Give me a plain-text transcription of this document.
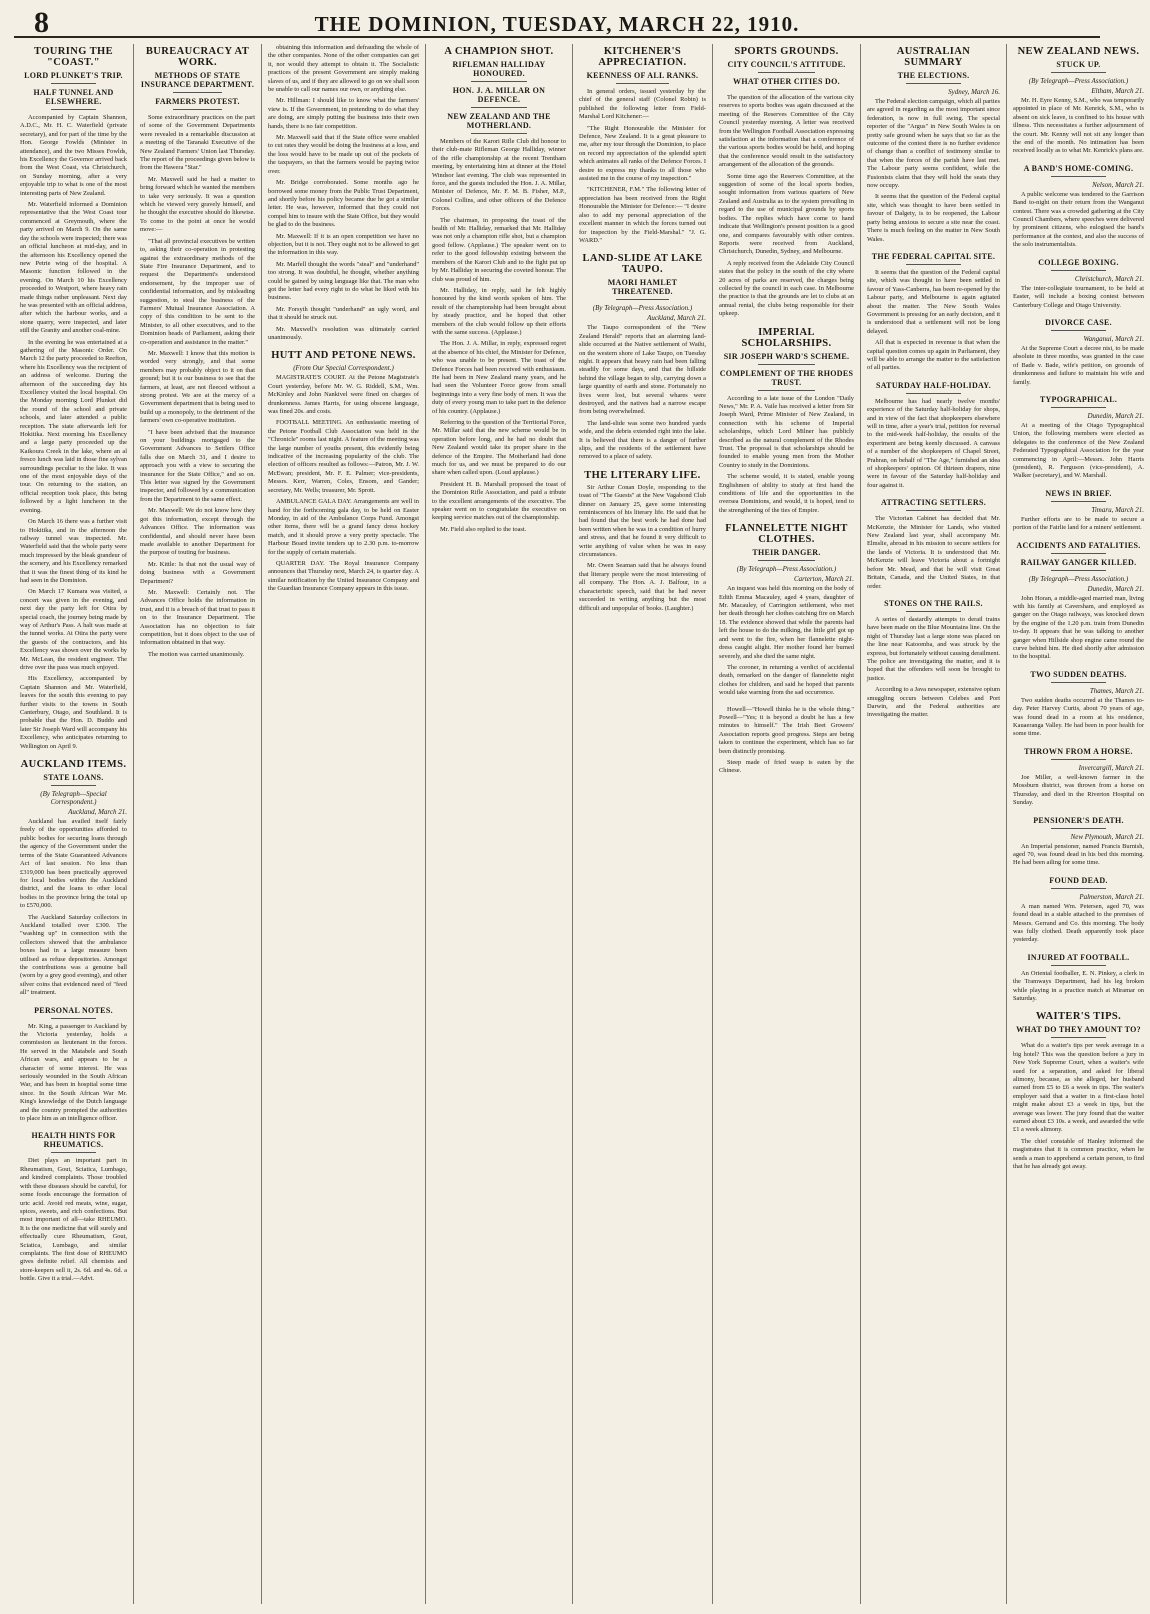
8	THE DOMINION, TUESDAY, MARCH 22, 1910.
TOURING THE "COAST."
LORD PLUNKET'S TRIP.
HALF TUNNEL AND ELSEWHERE.

Accompanied by Captain Shannon, A.D.C., Mr. H. C. Waterfield (private secretary), and for part of the time by the Hon. George Fowlds (Minister in attendance), and the two Misses Fowlds, his Excellency the Governor arrived back from the West Coast, via Christchurch, on Sunday morning, after a very enjoyable trip to what is one of the most interesting parts of New Zealand.

Mr. Waterfield informed a Dominion representative that the West Coast tour commenced at Greymouth, where the party arrived on March 9. On the same day the schools were inspected; there was an official luncheon at mid-day, and in the afternoon his Excellency opened the new Petrie wing of the hospital. A Masonic function followed in the evening. On March 10 his Excellency proceeded to Westport, where heavy rain made things rather unpleasant. Next day he was presented with an official address, after which the harbour works, and a stone quarry, were inspected, and later still the Granity and another coal-mine.

In the evening he was entertained at a gathering of the Masonic Order. On March 12 the party proceeded to Reefton, where his Excellency was the recipient of an address of welcome. During the afternoon of the succeeding day his Excellency visited the local hospital. On the Monday morning Lord Plunket did the round of the school and private schools, and later attended a public reception. The state afterwards left for Hokitika. Next morning his Excellency and a large party proceeded up the Kaikoura Creek in the lake, where an al fresco lunch was laid in those fine sylvan surroundings peculiar to the lake. It was one of the most enjoyable days of the tour. On returning to the station, an official reception took place, this being followed by a light luncheon in the evening.

On March 16 there was a further visit to Hokitika, and in the afternoon the railway tunnel was inspected. Mr. Waterfield said that the whole party were much impressed by the bleak grandeur of the scenery, and his Excellency remarked that it was the finest thing of its kind he had seen in the Dominion.

On March 17 Kumara was visited, a concert was given in the evening, and next day the party left for Otira by special coach, the journey being made by way of Arthur's Pass. A halt was made at the tunnel works. At Otira the party were the guests of the contractors, and his Excellency was shown over the works by Mr. McLean, the resident engineer. The drive over the pass was much enjoyed.

His Excellency, accompanied by Captain Shannon and Mr. Waterfield, leaves for the south this evening to pay further visits to the towns in South Canterbury, Otago, and Southland. It is probable that the Hon. D. Buddo and later Sir Joseph Ward will accompany his Excellency, who anticipates returning to Wellington on April 9.

AUCKLAND ITEMS.
STATE LOANS.
(By Telegraph—Special Correspondent.)
Auckland, March 21.

Auckland has availed itself fairly freely of the opportunities afforded to public bodies for securing loans through the agency of the Government under the terms of the State Guaranteed Advances Act of last session. No less than £319,000 has been practically approved for local bodies within the Auckland district, and the loans to other local bodies in the province bring the total up to £570,000.

The Auckland Saturday collectors in Auckland totalled over £300. The "washing up" in connection with the collectors showed that the ambulance boxes had in a large measure been utilised as refuse depositories. Amongst the contributions was a genuine ball (worn by a grey good evening), and other silver coins that evidenced need of "feed all" treatment.

PERSONAL NOTES.

Mr. King, a passenger to Auckland by the Victoria yesterday, holds a commission as lieutenant in the forces. He served in the Matabele and South African wars, and appears to be a character of some interest. He was seriously wounded in the South African War, and has been in hospital some time since. In the South African War Mr. King's knowledge of the Dutch language and the country prompted the authorities to place him as an intelligence officer.

HEALTH HINTS FOR RHEUMATICS.

Diet plays an important part in Rheumatism, Gout, Sciatica, Lumbago, and kindred complaints. Those troubled with these diseases should be careful, for some foods encourage the formation of uric acid. Avoid red meats, wine, sugar, spices, sweets, and rich confections. But most important of all—take RHEUMO. It is the one medicine that will surely and effectually cure Rheumatism, Gout, Sciatica, Lumbago, and similar complaints. The first dose of RHEUMO gives definite relief. All chemists and store-keepers sell it, 2s. 6d. and 4s. 6d. a bottle. Give it a trial.—Advt.

BUREAUCRACY AT WORK.
METHODS OF STATE INSURANCE DEPARTMENT.
FARMERS PROTEST.

Some extraordinary practices on the part of some of the Government Departments were revealed in a remarkable discussion at a meeting of the Taranaki Executive of the New Zealand Farmers' Union last Thursday. The report of the proceedings given below is from the Hawera "Star."

Mr. Maxwell said he had a matter to bring forward which he wanted the members to take very seriously. It was a question which he viewed very gravely himself, and he thought the executive should do likewise. To come to the point at once he would move:—

"That all provincial executives be written to, asking their co-operation in protesting against the extraordinary methods of the State Fire Insurance Department, and to request the Department's understood endorsement, by the improper use of confidential information, and by misleading suggestion, to steal the business of the Farmers' Mutual Insurance Association. A copy of this condition to be sent to the Minister, to all other executives, and to the Dominion heads of Parliament, asking their co-operation and assistance in the matter."

Mr. Maxwell: I know that this motion is worded very strongly, and that some members may probably object to it on that ground; but it is our business to see that the farmers, at least, are not fleeced without a strong protest. We are at the mercy of a Government department that is being used to build up a monopoly, to the detriment of the farmers' own co-operative institution.

"I have been advised that the insurance on your buildings mortgaged to the Government Advances to Settlers Office falls due on March 31, and I desire to approach you with a view to securing the insurance for the State Office," and so on. This letter was signed by the Government inspector, and followed by a communication from the Department to the same effect.

Mr. Maxwell: We do not know how they got this information, except through the Advances Office. The information was confidential, and should never have been made available to another Department for the purpose of touting for business.

Mr. Kittle: Is that not the usual way of doing business with a Government Department?

Mr. Maxwell: Certainly not. The Advances Office holds the information in trust, and it is a breach of that trust to pass it on to the Insurance Department. The Association has no objection to fair competition, but it does object to the use of information obtained in that way.

The motion was carried unanimously.

obtaining this information and defrauding the whole of the other companies. None of the other companies can get it, nor would they attempt to obtain it. The Socialistic practices of the present Government are simply making slaves of us, and if they are allowed to go on we shall soon be unable to call our names our own, or anything else.

Mr. Hillman: I should like to know what the farmers' view is. If the Government, in pretending to do what they are doing, are simply putting the business into their own hands, there is no fair competition.

Mr. Maxwell said that if the State office were enabled to cut rates they would be doing the business at a loss, and the loss would have to be made up out of the pockets of the taxpayers, so that the farmers would be paying twice over.

Mr. Bridge corroborated. Some months ago he borrowed some money from the Public Trust Department, and shortly before his policy became due he got a similar letter. He was, however, informed that they could not compel him to insure with the State Office, but they would be glad to do the business.

Mr. Maxwell: If it is an open competition we have no objection, but it is not. They ought not to be allowed to get the information in this way.

Mr. Marfell thought the words "steal" and "underhand" too strong. It was doubtful, he thought, whether anything could be gained by using language like that. The man who got the letter had every right to do what he liked with his business.

Mr. Forsyth thought "underhand" an ugly word, and that it should be struck out.

Mr. Maxwell's resolution was ultimately carried unanimously.

HUTT AND PETONE NEWS.
(From Our Special Correspondent.)

MAGISTRATE'S COURT. At the Petone Magistrate's Court yesterday, before Mr. W. G. Riddell, S.M., Wm. McKinley and John Nankivel were fined on charges of drunkenness. James Harris, for using obscene language, was fined 20s. and costs.

FOOTBALL MEETING. An enthusiastic meeting of the Petone Football Club Association was held in the "Chronicle" rooms last night. A feature of the meeting was the large number of youths present, this evidently being indicative of the increasing popularity of the club. The election of officers resulted as follows:—Patron, Mr. J. W. McEwan; president, Mr. F. E. Palmer; vice-presidents, Messrs. Kerr, Warren, Coles, Ensom, and Gander; secretary, Mr. Wells; treasurer, Mr. Sprott.

AMBULANCE GALA DAY. Arrangements are well in hand for the forthcoming gala day, to be held on Easter Monday, in aid of the Ambulance Corps Fund. Amongst other items, there will be a grand fancy dress hockey match, and it should prove a very pretty spectacle. The Harbour Board invite tenders up to 2.30 p.m. to-morrow for the supply of certain materials.

QUARTER DAY. The Royal Insurance Company announces that Thursday next, March 24, is quarter day. A similar notification by the United Insurance Company and the Guardian Insurance Company appears in this issue.

A CHAMPION SHOT.
RIFLEMAN HALLIDAY HONOURED.
HON. J. A. MILLAR ON DEFENCE.
NEW ZEALAND AND THE MOTHERLAND.

Members of the Karori Rifle Club did honour to their club-mate Rifleman George Halliday, winner of the rifle championship at the recent Trentham meeting, by entertaining him at dinner at the Hotel Windsor last evening. The club was represented in force, and the guests included the Hon. J. A. Millar, Minister of Defence, Mr. F. M. B. Fisher, M.P., Colonel Collins, and other officers of the Defence Forces.

The chairman, in proposing the toast of the health of Mr. Halliday, remarked that Mr. Halliday was not only a champion rifle shot, but a champion good fellow. (Applause.) The speaker went on to refer to the good fellowship existing between the members of the Karori Club and to the fight put up by Mr. Halliday in securing the coveted honour. The club was proud of him.

Mr. Halliday, in reply, said he felt highly honoured by the kind words spoken of him. The result of the championship had been brought about by steady practice, and he hoped that other members of the club would follow up their efforts with the same success. (Applause.)

The Hon. J. A. Millar, in reply, expressed regret at the absence of his chief, the Minister for Defence, who was unable to be present. The toast of the Defence Forces had been received with enthusiasm. He had been in New Zealand many years, and he had seen the Volunteer Force grow from small beginnings into a very fine body of men. It was the duty of every young man to take part in the defence of his country. (Applause.)

Referring to the question of the Territorial Force, Mr. Millar said that the new scheme would be in operation before long, and he had no doubt that New Zealand would take its proper share in the defence of the Empire. The Motherland had done much for us, and we must be prepared to do our share when called upon. (Loud applause.)

President H. B. Marshall proposed the toast of the Dominion Rifle Association, and paid a tribute to the excellent arrangements of the executive. The speaker went on to congratulate the executive on keeping service matches out of the championship.

Mr. Field also replied to the toast.

KITCHENER'S APPRECIATION.
KEENNESS OF ALL RANKS.

In general orders, issued yesterday by the chief of the general staff (Colonel Robin) is published the following letter from Field-Marshal Lord Kitchener:—

"The Right Honourable the Minister for Defence, New Zealand. It is a great pleasure to me, after my tour through the Dominion, to place on record my appreciation of the splendid spirit which animates all ranks of the Defence Forces. I desire to express my thanks to all those who assisted me in the course of my inspection."

"KITCHENER, F.M." The following letter of appreciation has been received from the Right Honourable the Minister for Defence:— "I desire also to add my personal appreciation of the excellent manner in which the forces turned out for inspection by the Field-Marshal." "J. G. WARD."

LAND-SLIDE AT LAKE TAUPO.
MAORI HAMLET THREATENED.
(By Telegraph—Press Association.)
Auckland, March 21.

The Taupo correspondent of the "New Zealand Herald" reports that an alarming land-slide occurred at the Native settlement of Waihi, on the western shore of Lake Taupo, on Tuesday night. It appears that heavy rain had been falling steadily for some days, and that the hillside behind the village began to slip, carrying down a large quantity of earth and stone. Fortunately no lives were lost, but several whares were destroyed, and the natives had a narrow escape from being overwhelmed.

The land-slide was some two hundred yards wide, and the debris extended right into the lake. It is believed that there is a danger of further slips, and the residents of the settlement have removed to a place of safety.

THE LITERARY LIFE.

Sir Arthur Conan Doyle, responding to the toast of "The Guests" at the New Vagabond Club dinner on January 25, gave some interesting reminiscences of his literary life. He said that he had found that the best work he had done had been written when he was in a condition of hurry and stress, and that he found it very difficult to write anything of value when he was in easy circumstances.

Mr. Owen Seaman said that he always found that literary people were the most interesting of all company. The Hon. A. J. Balfour, in a characteristic speech, said that he had never succeeded in writing anything but the most difficult and unpopular of books. (Laughter.)

SPORTS GROUNDS.
CITY COUNCIL'S ATTITUDE.
WHAT OTHER CITIES DO.

The question of the allocation of the various city reserves to sports bodies was again discussed at the meeting of the Reserves Committee of the City Council yesterday morning. A letter was received from the Wellington Football Association expressing satisfaction at the information that a conference of the various sports bodies would be held, and hoping that the conference would result in the satisfactory arrangement of the allocation of the grounds.

Some time ago the Reserves Committee, at the suggestion of some of the local sports bodies, sought information from various quarters of New Zealand and Australia as to the system prevailing in regard to the use of municipal grounds by sports bodies. The replies which have come to hand indicate that Wellington's present position is a good one, and compares favourably with other centres. Reports were received from Auckland, Christchurch, Dunedin, Sydney, and Melbourne.

A reply received from the Adelaide City Council states that the policy in the south of the city where 20 acres of parks are reserved, the charges being collected by the council in each case. In Melbourne the practice is that the grounds are let to clubs at an annual rental, the clubs being responsible for their upkeep.

IMPERIAL SCHOLARSHIPS.
SIR JOSEPH WARD'S SCHEME.
COMPLEMENT OF THE RHODES TRUST.

According to a late issue of the London "Daily News," Mr. P. A. Vaile has received a letter from Sir Joseph Ward, Prime Minister of New Zealand, in connection with his scheme of Imperial scholarships, which Lord Milner has publicly described as the natural complement of the Rhodes Trust. The proposal is that scholarships should be founded to enable young men from the Mother Country to study in the Dominions.

The scheme would, it is stated, enable young Englishmen of ability to study at first hand the conditions of life and the opportunities in the oversea Dominions, and would, it is hoped, tend to the strengthening of the ties of Empire.

FLANNELETTE NIGHT CLOTHES.
THEIR DANGER.
(By Telegraph—Press Association.)
Carterton, March 21.

An inquest was held this morning on the body of Edith Emma Macauley, aged 4 years, daughter of Mr. Macauley, of Carrington settlement, who met her death through her clothes catching fire on March 18. The evidence showed that while the parents had left the house to do the milking, the little girl got up and went to the fire, when her flannelette night-dress caught alight. Her mother found her burned severely, and she died the same night.

The coroner, in returning a verdict of accidental death, remarked on the danger of flannelette night clothes for children, and said he hoped that parents would take warning from the sad occurrence.

Howell—"Howell thinks he is the whole thing." Powell—"Yes; it is beyond a doubt he has a few minutes to himself." The Irish Beet Growers' Association reports good progress. Steps are being taken to continue the experiment, which has so far been distinctly promising.

Steep made of fried wasp is eaten by the Chinese.

AUSTRALIAN SUMMARY
THE ELECTIONS.
Sydney, March 16.

The Federal election campaign, which all parties are agreed in regarding as the most important since federation, is now in full swing. The special reporter of the "Argus" in New South Wales is on pretty safe ground when he says that so far as the outcome of the contest there is no further evidence of change than a conflict of testimony similar to that when the forces of the parish have last met. The Labour party seems confident, while the Fusionists claim that they will hold the seats they now occupy.

It seems that the question of the Federal capital site, which was thought to have been settled in favour of Dalgety, is to be reopened, the Labour party being anxious to secure a site near the coast. There is much feeling on the matter in New South Wales.

THE FEDERAL CAPITAL SITE.

It seems that the question of the Federal capital site, which was thought to have been settled in favour of Yass-Canberra, has been re-opened by the Labour party, and Melbourne is again agitated about the matter. The New South Wales Government is pressing for an early decision, and it is understood that a settlement will not be long delayed.

All that is expected in revenue is that when the capital question comes up again in Parliament, they will be able to arrange the matter to the satisfaction of all parties.

SATURDAY HALF-HOLIDAY.

Melbourne has had nearly twelve months' experience of the Saturday half-holiday for shops, and in view of the fact that shopkeepers elsewhere will in time, after a year's trial, petition for reversal to the mid-week half-holiday, the results of the experiment are being keenly discussed. A canvass of a number of the shopkeepers of Chapel Street, Prahran, on behalf of "The Age," furnished an idea of shopkeepers' opinion. Of thirteen drapers, nine were in favour of the Saturday half-holiday and four against it.

ATTRACTING SETTLERS.

The Victorian Cabinet has decided that Mr. McKenzie, the Minister for Lands, who visited New Zealand last year, shall accompany Mr. Elmslie, abroad in his mission to secure settlers for the lands of Victoria. It is understood that Mr. McKenzie will leave Victoria about a fortnight before Mr. Mead, and that he will visit Great Britain, Canada, and the United States, in that order.

STONES ON THE RAILS.

A series of dastardly attempts to derail trains have been made on the Blue Mountains line. On the night of Thursday last a large stone was placed on the line near Katoomba, and was struck by the express, but fortunately without causing derailment. The police are investigating the matter, and it is hoped that the offenders will soon be brought to justice.

According to a Java newspaper, extensive opium smuggling occurs between Celebes and Port Darwin, and the Federal authorities are investigating the matter.

NEW ZEALAND NEWS.
STUCK UP.
(By Telegraph—Press Association.)
Eltham, March 21.

Mr. H. Eyre Kenny, S.M., who was temporarily appointed in place of Mr. Kenrick, S.M., who is absent on sick leave, is confined to his house with illness. This necessitates a further adjournment of the court. Mr. Kenny will not sit any longer than the end of the month. No intimation has been received locally as to what Mr. Kenrick's plans are.

A BAND'S HOME-COMING.
Nelson, March 21.

A public welcome was tendered to the Garrison Band to-night on their return from the Wanganui contest. There was a crowded gathering at the City Council Chambers, where speeches were delivered by prominent citizens, who eulogised the band's performance at the contest, and also the success of the solo instrumentalists.

COLLEGE BOXING.
Christchurch, March 21.

The inter-collegiate tournament, to be held at Easter, will include a boxing contest between Canterbury College and Otago University.

DIVORCE CASE.
Wanganui, March 21.

At the Supreme Court a decree nisi, to be made absolute in three months, was granted in the case of Bade v. Bade, wife's petition, on grounds of drunkenness and failure to maintain his wife and family.

TYPOGRAPHICAL.
Dunedin, March 21.

At a meeting of the Otago Typographical Union, the following members were elected as delegates to the conference of the New Zealand Federated Typographical Association for the year commencing in April:—Messrs. John Harris (president), R. Ferguson (vice-president), A. Walker (secretary), and W. Marshall.

NEWS IN BRIEF.
Timaru, March 21.

Further efforts are to be made to secure a portion of the Fairlie land for a miners' settlement.

ACCIDENTS AND FATALITIES.
RAILWAY GANGER KILLED.
(By Telegraph—Press Association.)
Dunedin, March 21.

John Horan, a middle-aged married man, living with his family at Caversham, and employed as ganger on the Otago railways, was knocked down by the engine of the 1.20 p.m. train from Dunedin to-day. It appears that he was talking to another ganger when Hillside shop engine came round the curve behind him. He died shortly after admission to the hospital.

TWO SUDDEN DEATHS.
Thames, March 21.

Two sudden deaths occurred at the Thames to-day. Peter Harvey Curtis, about 70 years of age, was found dead in a room at his residence, Kauaeranga Valley. He had been in poor health for some time.

THROWN FROM A HORSE.
Invercargill, March 21.

Joe Miller, a well-known farmer in the Mossburn district, was thrown from a horse on Thursday, and died in the Riverton Hospital on Sunday.

PENSIONER'S DEATH.
New Plymouth, March 21.

An Imperial pensioner, named Francis Burnish, aged 70, was found dead in his bed this morning. He had been ailing for some time.

FOUND DEAD.
Palmerston, March 21.

A man named Wm. Petersen, aged 70, was found dead in a stable attached to the premises of Messrs. Gerrand and Co. this morning. The body was fully clothed. Death apparently took place yesterday.

INJURED AT FOOTBALL.

An Oriental footballer, E. N. Pinkey, a clerk in the Tramways Department, had his leg broken while playing in a practice match at Miramar on Saturday.

WAITER'S TIPS.
WHAT DO THEY AMOUNT TO?

What do a waiter's tips per week average in a big hotel? This was the question before a jury in New York Supreme Court, when a waiter's wife sued for a separation, and asked for liberal alimony, because, as she alleged, her husband earned from £5 to £6 a week in tips. The waiter's employer said that a waiter in a first-class hotel might make about £3 a week in tips, but the average was lower. The jury found that the waiter earned about £3 10s. a week, and awarded the wife £1 a week alimony.

The chief constable of Hanley informed the magistrates that it is common practice, when he sends a man to apprehend a certain person, to find that he has already got away.
